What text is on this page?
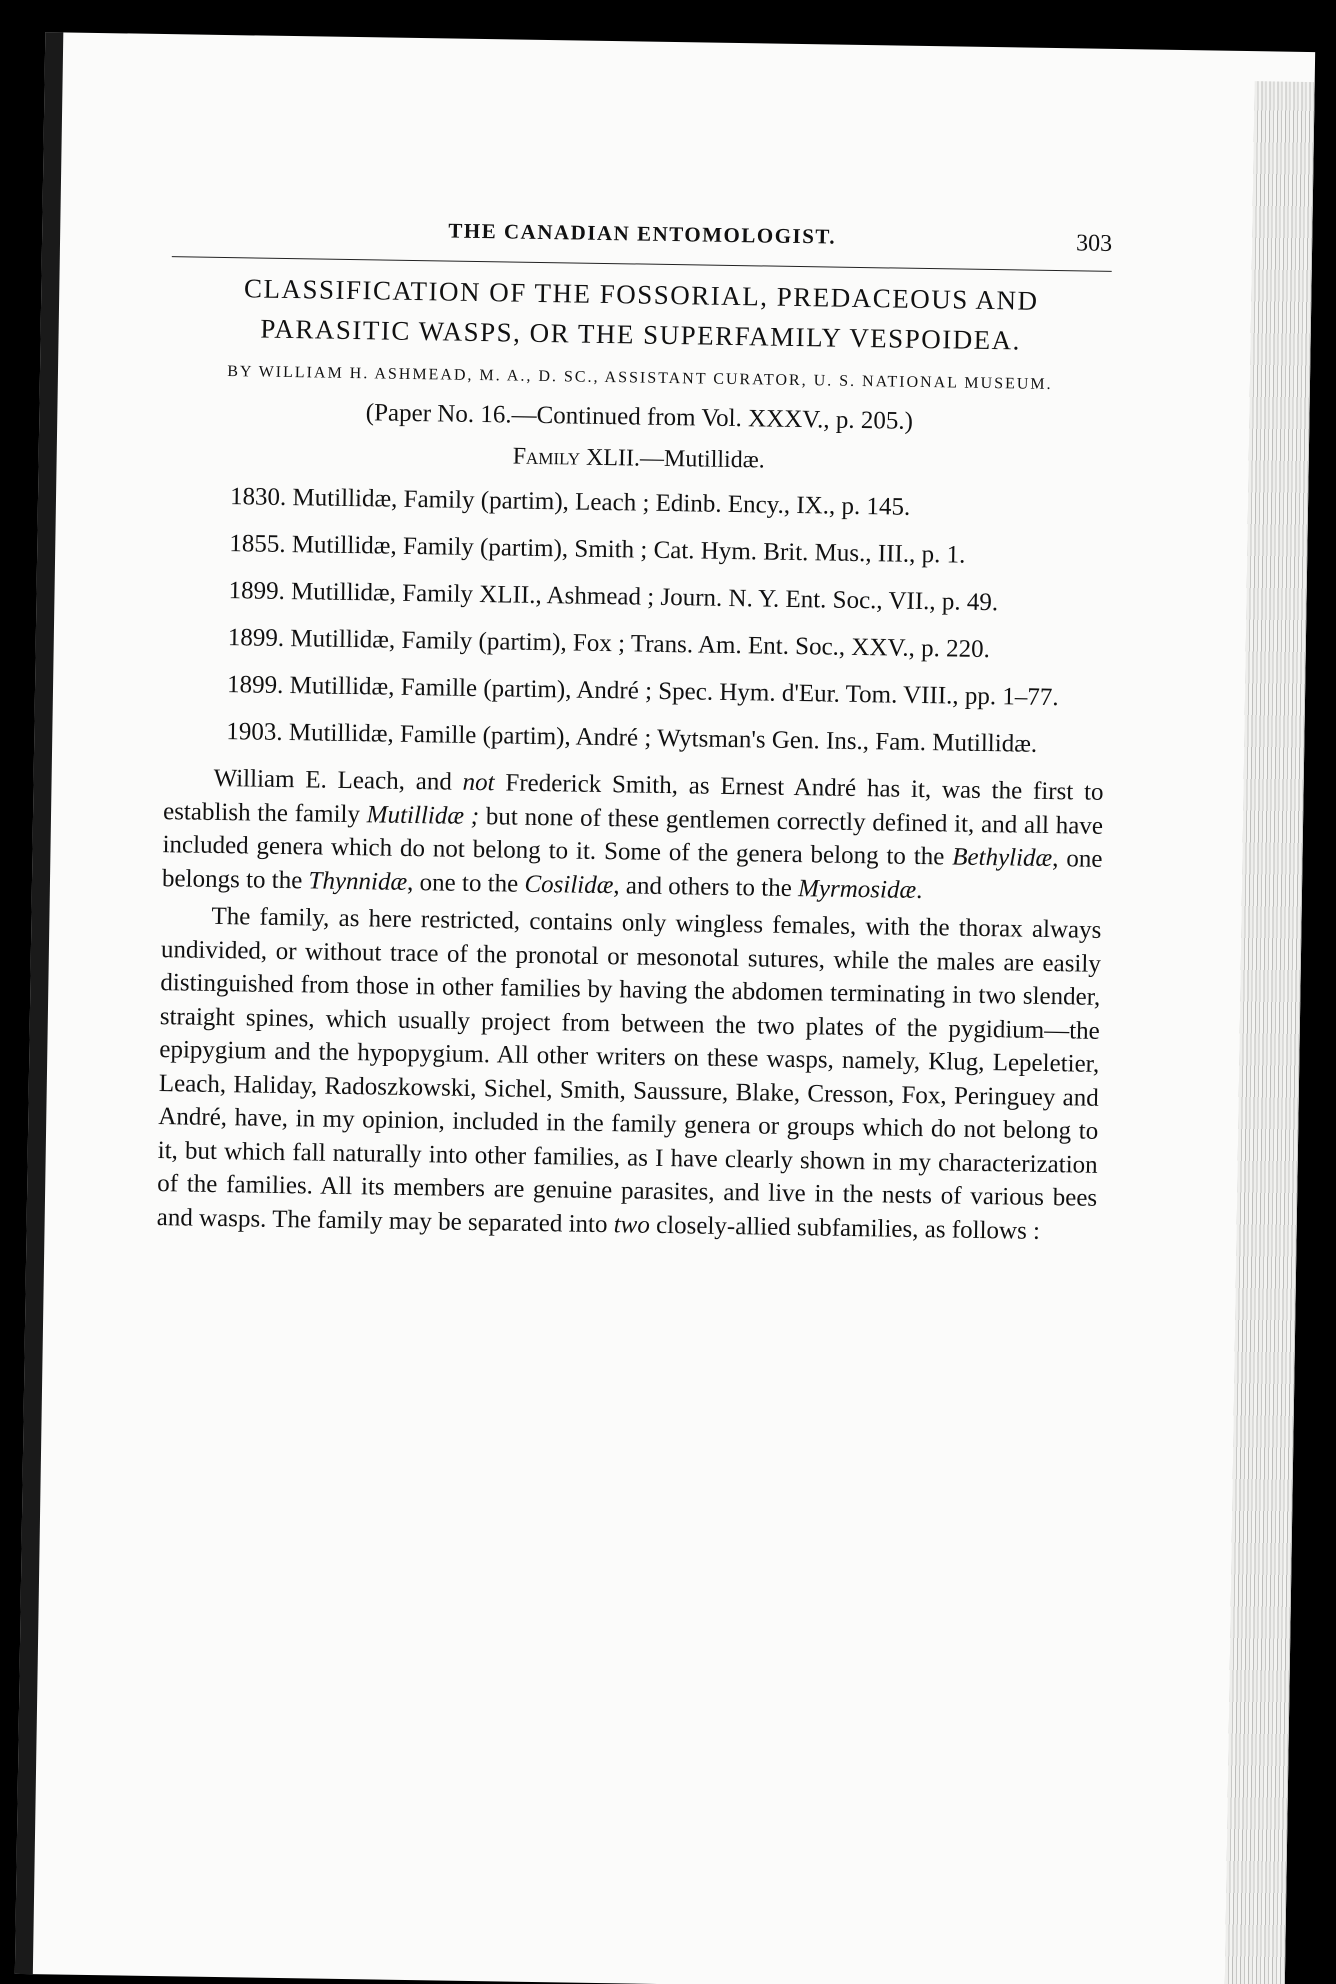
THE CANADIAN ENTOMOLOGIST.	303
CLASSIFICATION OF THE FOSSORIAL, PREDACEOUS AND PARASITIC WASPS, OR THE SUPERFAMILY VESPOIDEA.
BY WILLIAM H. ASHMEAD, M. A., D. SC., ASSISTANT CURATOR, U. S. NATIONAL MUSEUM.
(Paper No. 16.—Continued from Vol. XXXV., p. 205.)
Family XLII.—Mutillidæ.

1830. Mutillidæ, Family (partim), Leach ; Edinb. Ency., IX., p. 145.

1855. Mutillidæ, Family (partim), Smith ; Cat. Hym. Brit. Mus., III., p. 1.

1899. Mutillidæ, Family XLII., Ashmead ; Journ. N. Y. Ent. Soc., VII., p. 49.

1899. Mutillidæ, Family (partim), Fox ; Trans. Am. Ent. Soc., XXV., p. 220.

1899. Mutillidæ, Famille (partim), André ; Spec. Hym. d'Eur. Tom. VIII., pp. 1–77.

1903. Mutillidæ, Famille (partim), André ; Wytsman's Gen. Ins., Fam. Mutillidæ.

William E. Leach, and not Frederick Smith, as Ernest André has it, was the first to establish the family Mutillidæ ; but none of these gentlemen correctly defined it, and all have included genera which do not belong to it. Some of the genera belong to the Bethylidæ, one belongs to the Thynnidæ, one to the Cosilidæ, and others to the Myrmosidæ.

The family, as here restricted, contains only wingless females, with the thorax always undivided, or without trace of the pronotal or mesonotal sutures, while the males are easily distinguished from those in other families by having the abdomen terminating in two slender, straight spines, which usually project from between the two plates of the pygidium—the epipygium and the hypopygium. All other writers on these wasps, namely, Klug, Lepeletier, Leach, Haliday, Radoszkowski, Sichel, Smith, Saussure, Blake, Cresson, Fox, Peringuey and André, have, in my opinion, included in the family genera or groups which do not belong to it, but which fall naturally into other families, as I have clearly shown in my characterization of the families. All its members are genuine parasites, and live in the nests of various bees and wasps. The family may be separated into two closely-allied subfamilies, as follows :
